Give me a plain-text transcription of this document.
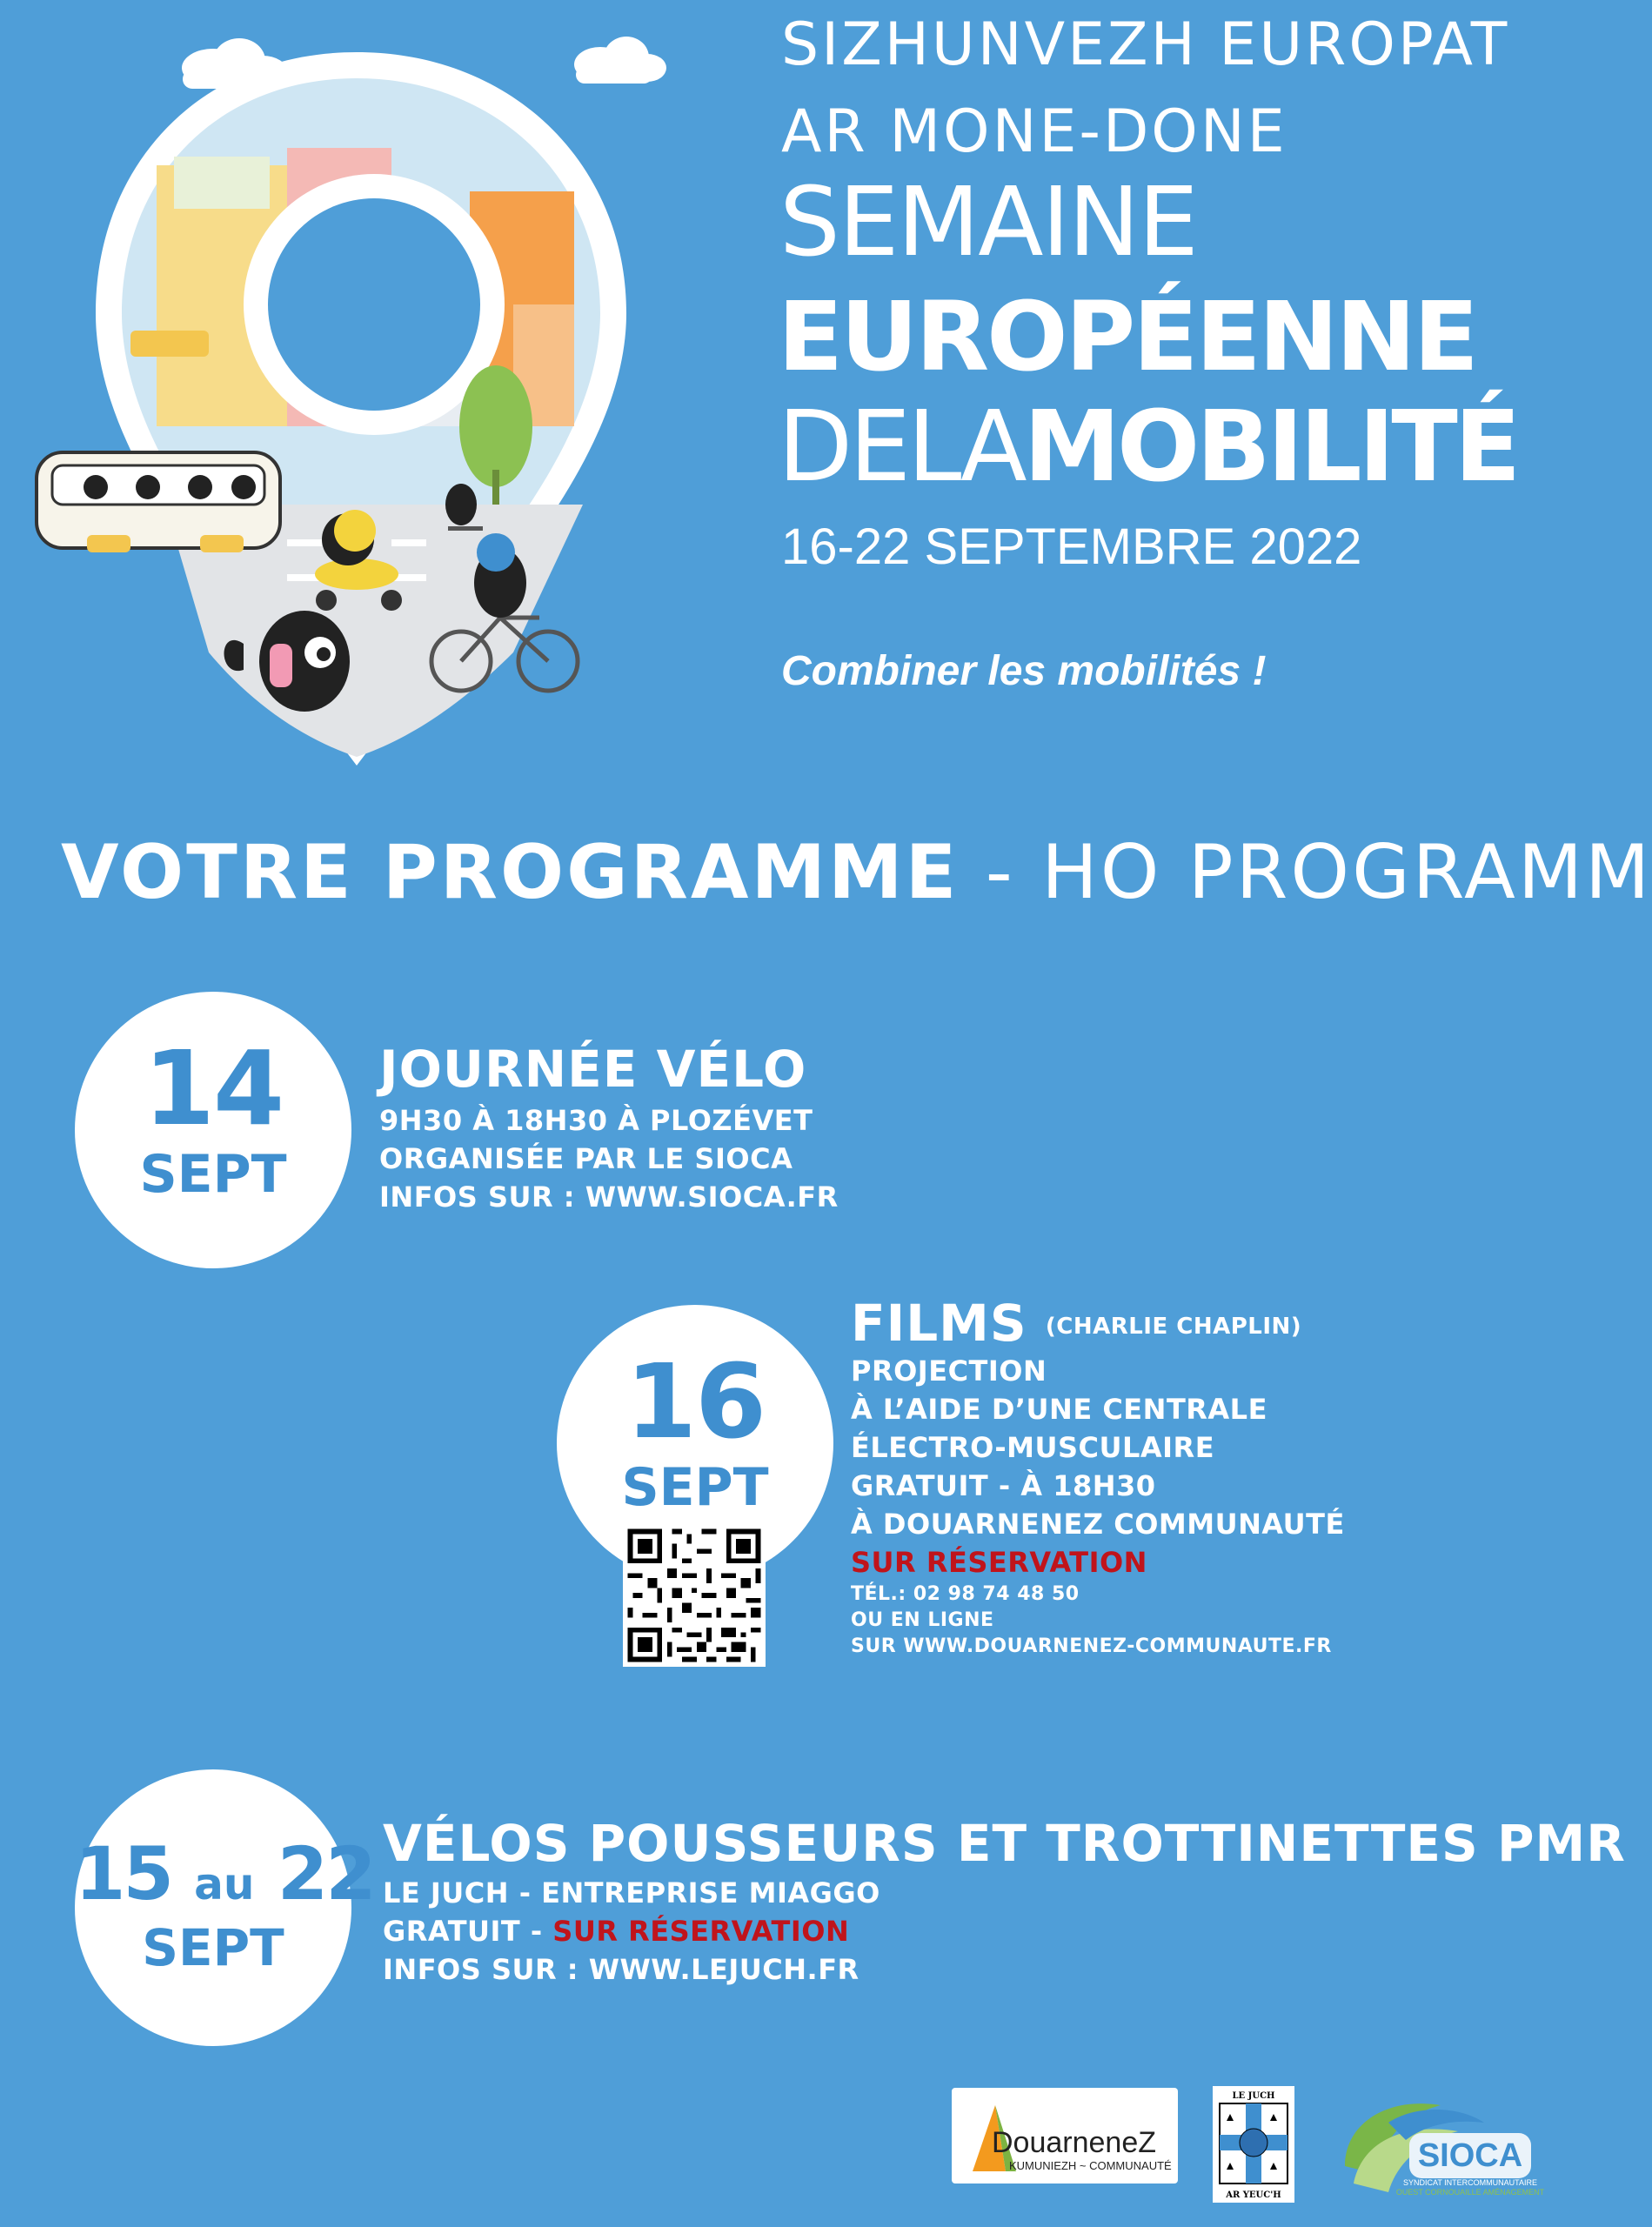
SIZHUNVEZH EUROPAT
AR MONE-DONE
SEMAINE
EUROPÉENNE
DELAMOBILITÉ
16-22 SEPTEMBRE 2022
Combiner les mobilités !
VOTRE PROGRAMME - HO PROGRAMM
14
SEPT
JOURNÉE VÉLO
9H30 À 18H30 À PLOZÉVET
ORGANISÉE PAR LE SIOCA
INFOS SUR : WWW.SIOCA.FR
16
SEPT
FILMS (CHARLIE CHAPLIN)
PROJECTION
À L’AIDE D’UNE CENTRALE
ÉLECTRO-MUSCULAIRE
GRATUIT - À 18H30
À DOUARNENEZ COMMUNAUTÉ
SUR RÉSERVATION
TÉL.: 02 98 74 48 50
OU EN LIGNE
SUR WWW.DOUARNENEZ-COMMUNAUTE.FR
15 au 22
SEPT
VÉLOS POUSSEURS ET TROTTINETTES PMR
LE JUCH - ENTREPRISE MIAGGO
GRATUIT - SUR RÉSERVATION
INFOS SUR : WWW.LEJUCH.FR
DouarneneZ
KUMUNIEZH ~ COMMUNAUTÉ
LE JUCH
AR YEUC'H
SIOCA
SYNDICAT INTERCOMMUNAUTAIRE
OUEST CORNOUAILLE AMÉNAGEMENT
